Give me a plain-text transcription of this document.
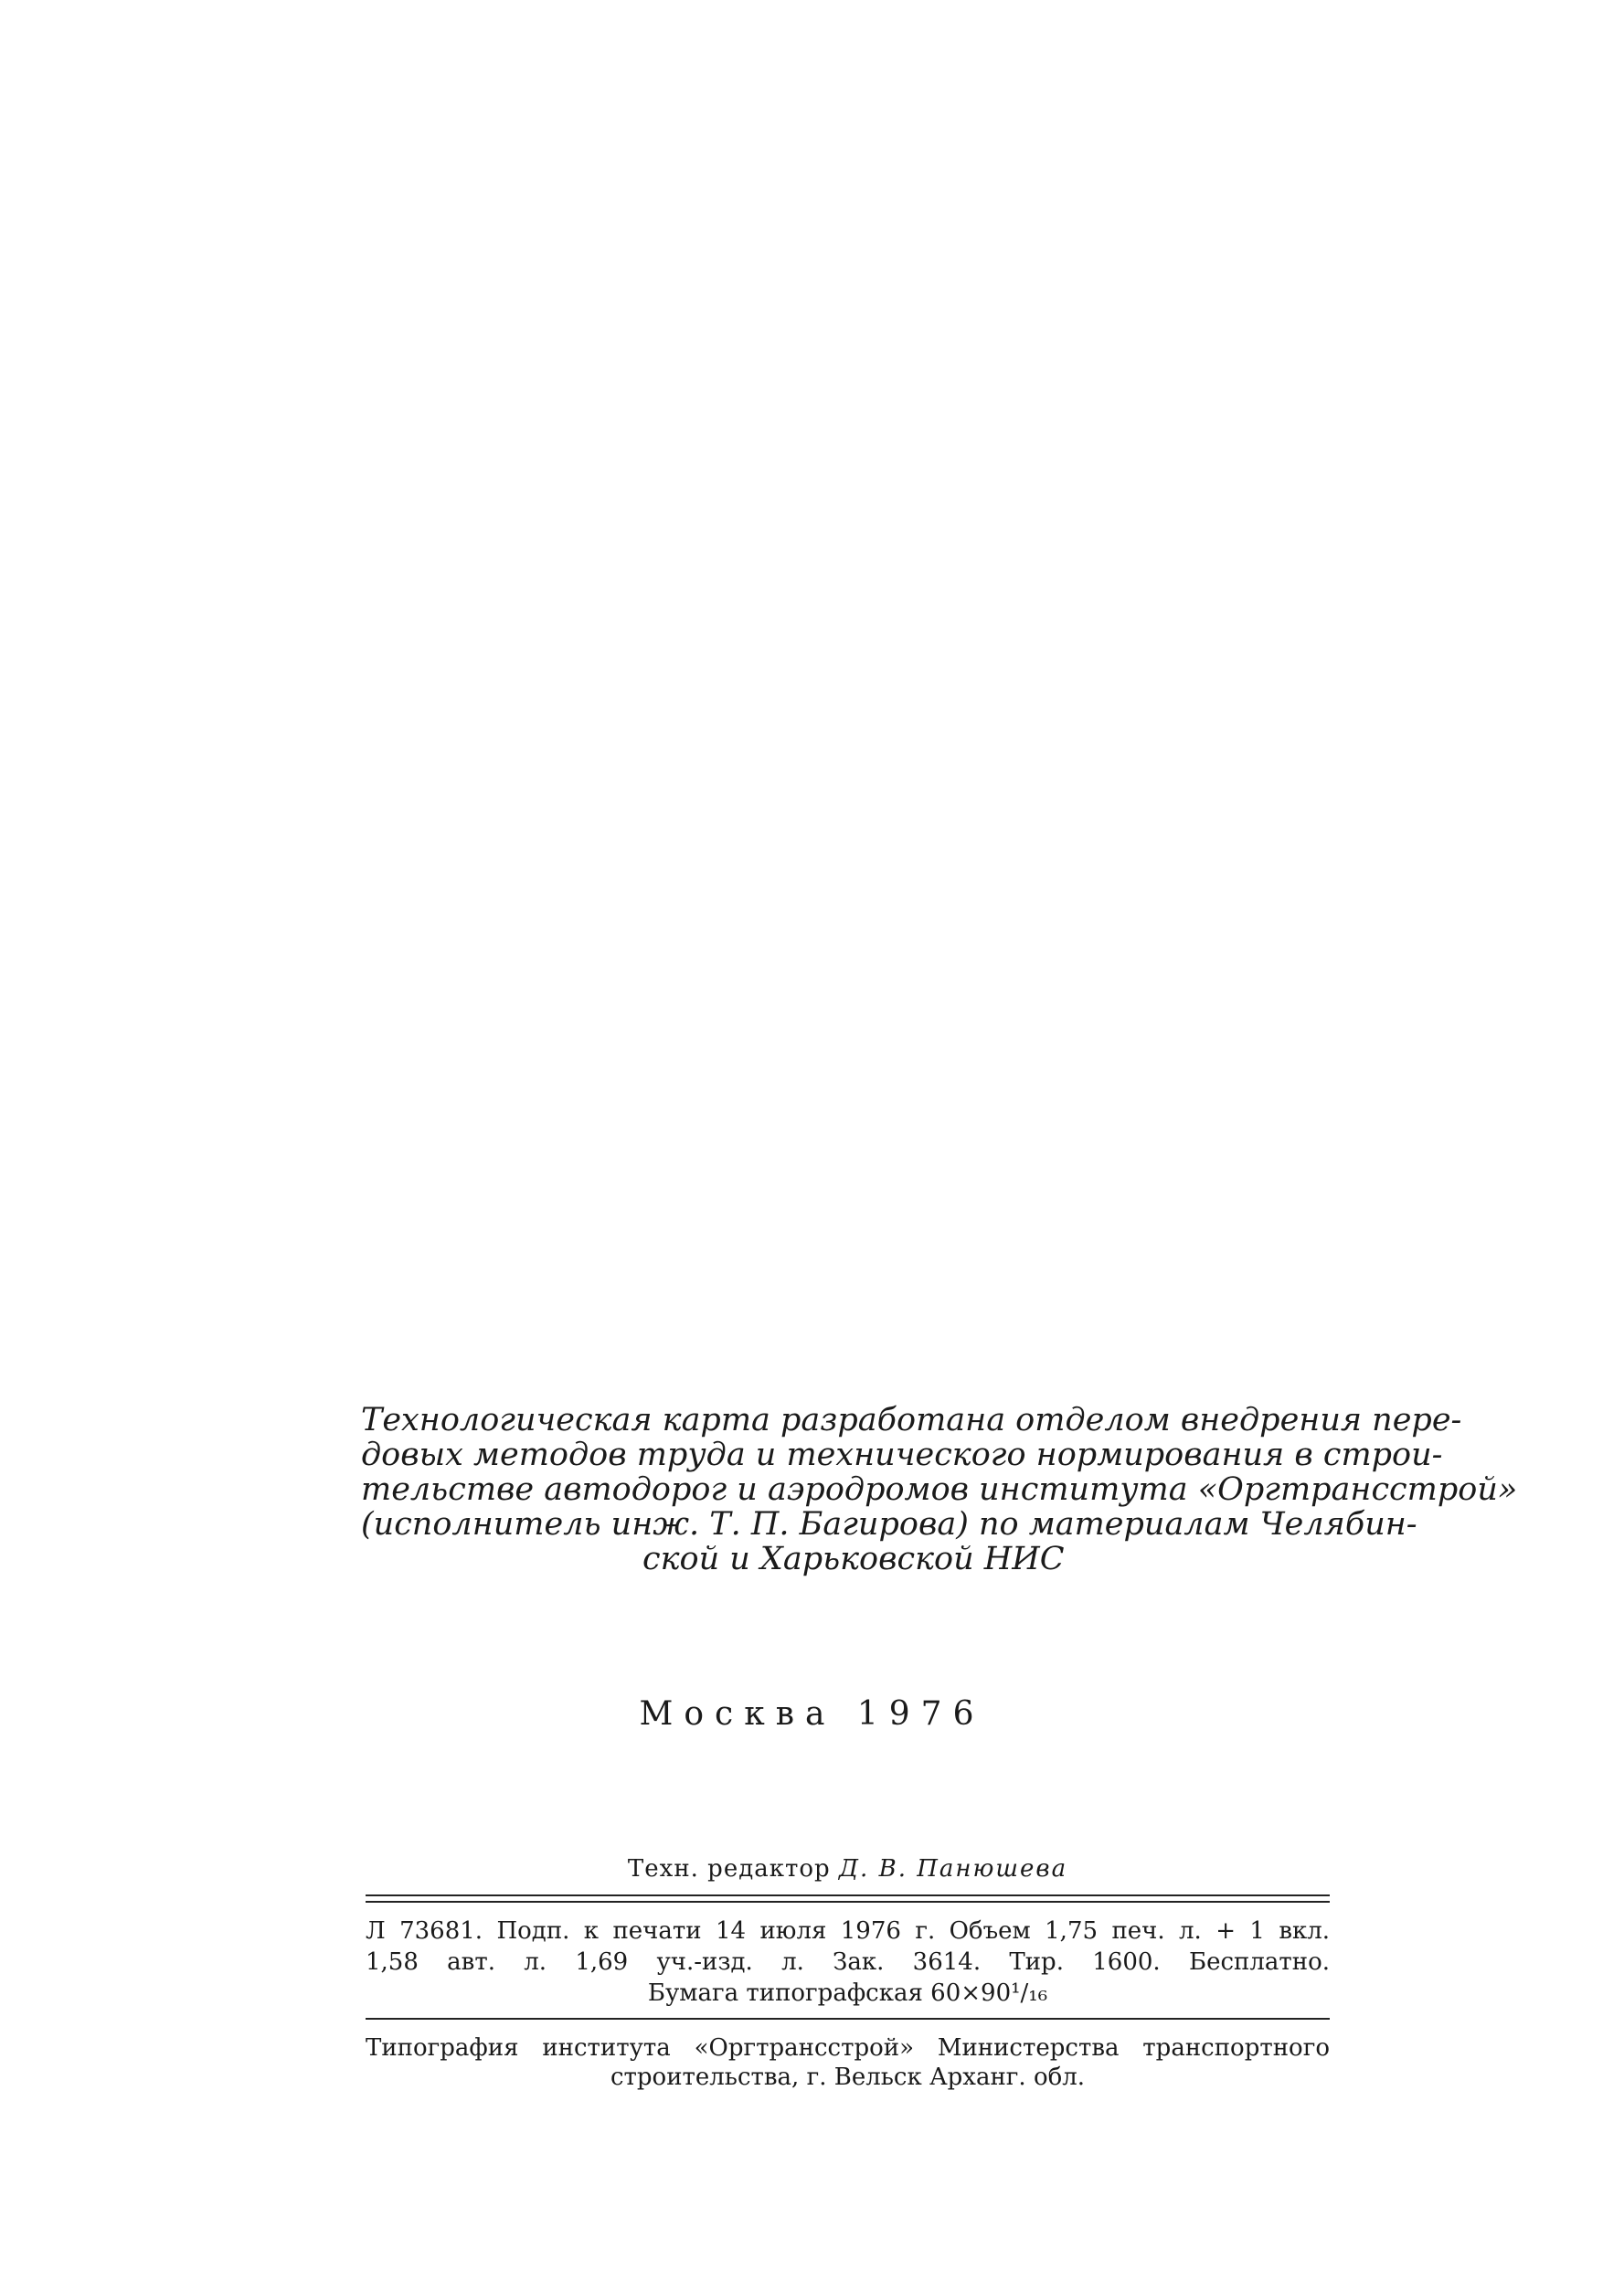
Технологическая карта разработана отделом внедрения пере-
довых методов труда и технического нормирования в строи-
тельстве автодорог и аэродромов института «Оргтрансстрой»
(исполнитель инж. Т. П. Багирова) по материалам Челябин-
ской и Харьковской НИС
Москва 1976
Техн. редактор Д. В. Панюшева
Л 73681. Подп. к печати 14 июля 1976 г. Объем 1,75 печ. л. + 1 вкл.
1,58 авт. л. 1,69 уч.-изд. л. Зак. 3614. Тир. 1600. Бесплатно.
Бумага типографская 60×90¹/₁₆
Типография института «Оргтрансстрой» Министерства транспортного
строительства, г. Вельск Арханг. обл.
